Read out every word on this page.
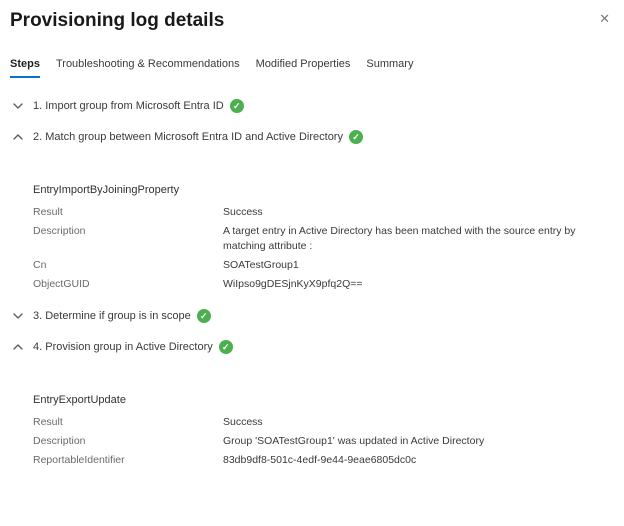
Provisioning log details	✕
Steps Troubleshooting & Recommendations Modified Properties Summary
1. Import group from Microsoft Entra ID	✓
2. Match group between Microsoft Entra ID and Active Directory	✓
EntryImportByJoiningProperty
Result	Success
Description	A target entry in Active Directory has been matched with the source entry by matching attribute :
Cn	SOATestGroup1
ObjectGUID	WiIpso9gDESjnKyX9pfq2Q==
3. Determine if group is in scope	✓
4. Provision group in Active Directory	✓
EntryExportUpdate
Result	Success
Description	Group 'SOATestGroup1' was updated in Active Directory
ReportableIdentifier	83db9df8-501c-4edf-9e44-9eae6805dc0c
